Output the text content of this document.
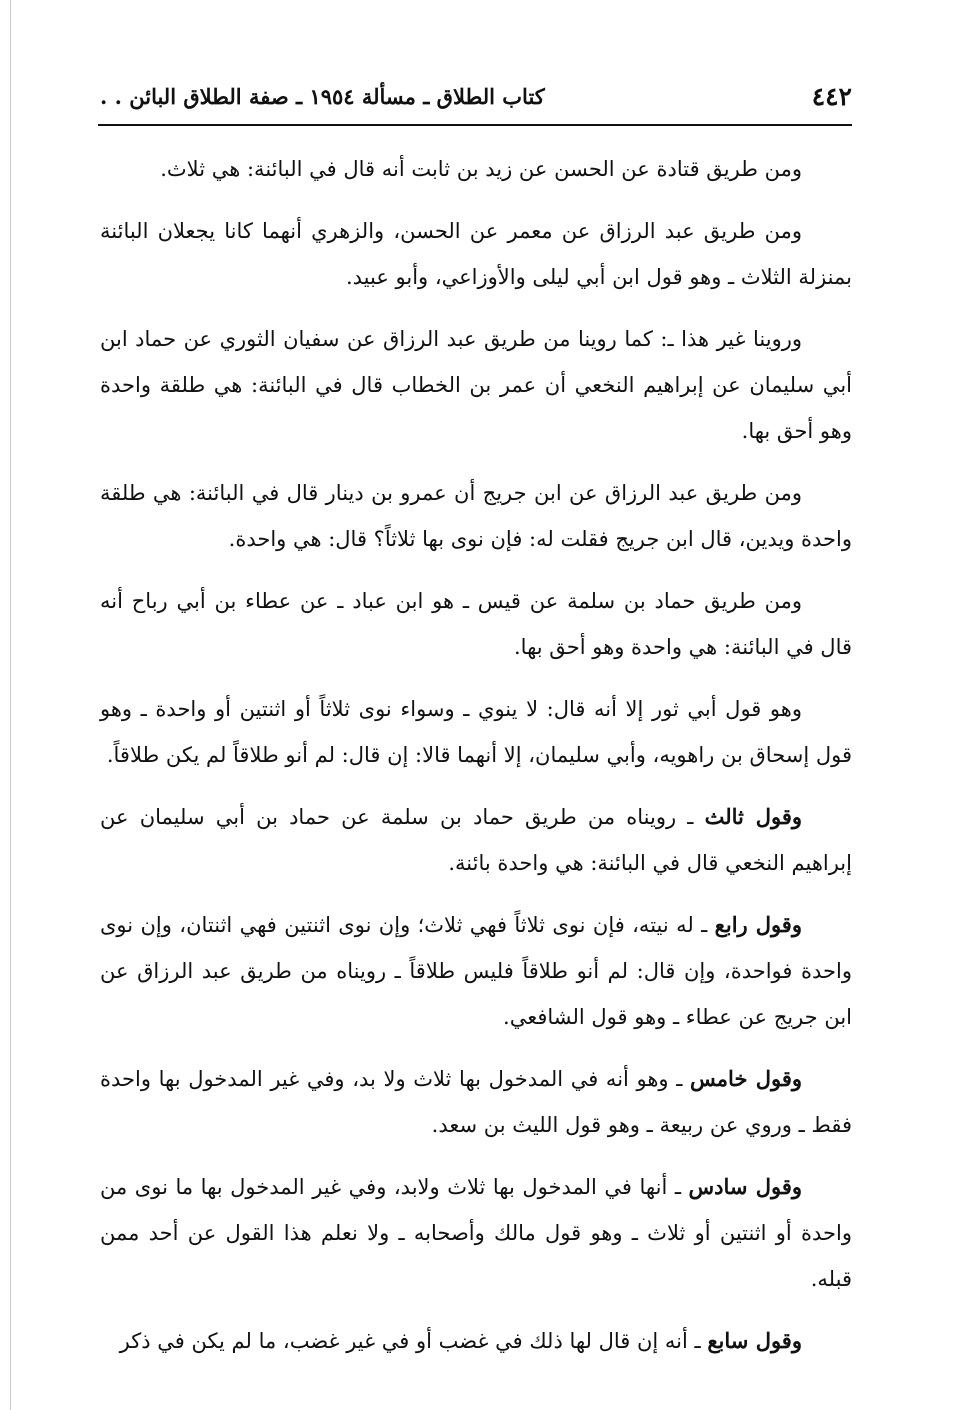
٤٤٢
كتاب الطلاق ـ مسألة ١٩٥٤ ـ صفة الطلاق البائن . .

ومن طريق قتادة عن الحسن عن زيد بن ثابت أنه قال في البائنة: هي ثلاث.

ومن طريق عبد الرزاق عن معمر عن الحسن، والزهري أنهما كانا يجعلان البائنة بمنزلة الثلاث ـ وهو قول ابن أبي ليلى والأوزاعي، وأبو عبيد.

وروينا غير هذا ـ: كما روينا من طريق عبد الرزاق عن سفيان الثوري عن حماد ابن أبي سليمان عن إبراهيم النخعي أن عمر بن الخطاب قال في البائنة: هي طلقة واحدة وهو أحق بها.

ومن طريق عبد الرزاق عن ابن جريج أن عمرو بن دينار قال في البائنة: هي طلقة واحدة ويدين، قال ابن جريج فقلت له: فإن نوى بها ثلاثاً؟ قال: هي واحدة.

ومن طريق حماد بن سلمة عن قيس ـ هو ابن عباد ـ عن عطاء بن أبي رباح أنه قال في البائنة: هي واحدة وهو أحق بها.

وهو قول أبي ثور إلا أنه قال: لا ينوي ـ وسواء نوى ثلاثاً أو اثنتين أو واحدة ـ وهو قول إسحاق بن راهويه، وأبي سليمان، إلا أنهما قالا: إن قال: لم أنو طلاقاً لم يكن طلاقاً.

وقول ثالث ـ رويناه من طريق حماد بن سلمة عن حماد بن أبي سليمان عن إبراهيم النخعي قال في البائنة: هي واحدة بائنة.

وقول رابع ـ له نيته، فإن نوى ثلاثاً فهي ثلاث؛ وإن نوى اثنتين فهي اثنتان، وإن نوى واحدة فواحدة، وإن قال: لم أنو طلاقاً فليس طلاقاً ـ رويناه من طريق عبد الرزاق عن ابن جريج عن عطاء ـ وهو قول الشافعي.

وقول خامس ـ وهو أنه في المدخول بها ثلاث ولا بد، وفي غير المدخول بها واحدة فقط ـ وروي عن ربيعة ـ وهو قول الليث بن سعد.

وقول سادس ـ أنها في المدخول بها ثلاث ولابد، وفي غير المدخول بها ما نوى من واحدة أو اثنتين أو ثلاث ـ وهو قول مالك وأصحابه ـ ولا نعلم هذا القول عن أحد ممن قبله.

وقول سابع ـ أنه إن قال لها ذلك في غضب أو في غير غضب، ما لم يكن في ذكر
